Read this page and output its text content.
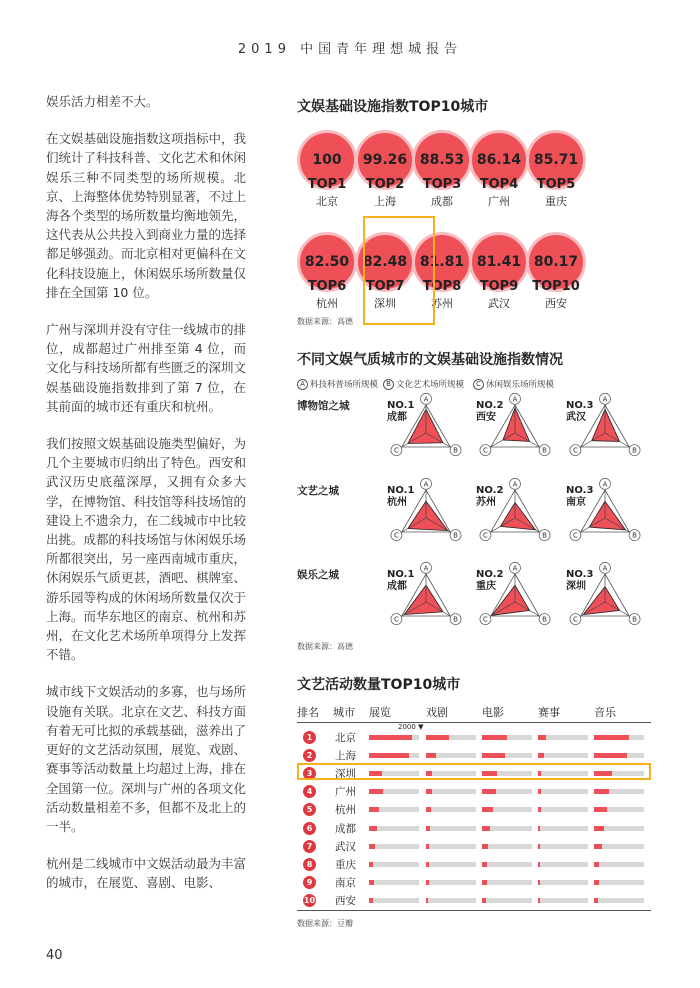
2019 中国青年理想城报告

娱乐活力相差不大。

在文娱基础设施指数这项指标中，我们统计了科技科普、文化艺术和休闲娱乐三种不同类型的场所规模。北京、上海整体优势特别显著，不过上海各个类型的场所数量均衡地领先，这代表从公共投入到商业力量的选择都足够强劲。而北京相对更偏科在文化科技设施上，休闲娱乐场所数量仅排在全国第 10 位。

广州与深圳并没有守住一线城市的排位，成都超过广州排至第 4 位，而文化与科技场所都有些匮乏的深圳文娱基础设施指数排到了第 7 位，在其前面的城市还有重庆和杭州。

我们按照文娱基础设施类型偏好，为几个主要城市归纳出了特色。西安和武汉历史底蕴深厚，又拥有众多大学，在博物馆、科技馆等科技场馆的建设上不遗余力，在二线城市中比较出挑。成都的科技场馆与休闲娱乐场所都很突出，另一座西南城市重庆，休闲娱乐气质更甚，酒吧、棋牌室、游乐园等构成的休闲场所数量仅次于上海。而华东地区的南京、杭州和苏州，在文化艺术场所单项得分上发挥不错。

城市线下文娱活动的多寡，也与场所设施有关联。北京在文艺、科技方面有着无可比拟的承载基础，滋养出了更好的文艺活动氛围，展览、戏剧、赛事等活动数量上均超过上海，排在全国第一位。深圳与广州的各项文化活动数量相差不多，但都不及北上的一半。

杭州是二线城市中文娱活动最为丰富的城市，在展览、喜剧、电影、

40
文娱基础设施指数TOP10城市
100
TOP1
北京
99.26
TOP2
上海
88.53
TOP3
成都
86.14
TOP4
广州
85.71
TOP5
重庆
82.50
TOP6
杭州
82.48
TOP7
深圳
81.81
TOP8
苏州
81.41
TOP9
武汉
80.17
TOP10
西安
数据来源：高德
不同文娱气质城市的文娱基础设施指数情况
A 科技科普场所规模	B 文化艺术场所规模	C 休闲娱乐场所规模
博物馆之城	NO.1
成都
A
B
C
NO.2
西安
A
B
C
NO.3
武汉
A
B
C
文艺之城	NO.1
杭州
A
B
C
NO.2
苏州
A
B
C
NO.3
南京
A
B
C
娱乐之城	NO.1
成都
A
B
C
NO.2
重庆
A
B
C
NO.3
深圳
A
B
C
数据来源：高德
文艺活动数量TOP10城市
排名 城市 展览	戏剧	电影	赛事	音乐
2000 ▼
1	北京
2	上海
3	深圳
4	广州
5	杭州
6	成都
7	武汉
8	重庆
9	南京
10 西安
数据来源：豆瓣
